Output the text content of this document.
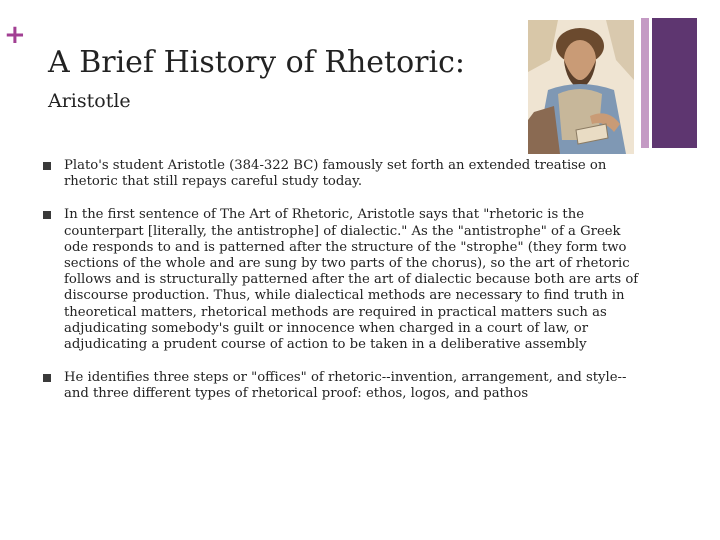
+
A Brief History of Rhetoric:
Aristotle
Plato's student Aristotle (384-322 BC) famously set forth an extended treatise on rhetoric that still repays careful study today.
In the first sentence of The Art of Rhetoric, Aristotle says that "rhetoric is the counterpart [literally, the antistrophe] of dialectic." As the "antistrophe" of a Greek ode responds to and is patterned after the structure of the "strophe" (they form two sections of the whole and are sung by two parts of the chorus), so the art of rhetoric follows and is structurally patterned after the art of dialectic because both are arts of discourse production. Thus, while dialectical methods are necessary to find truth in theoretical matters, rhetorical methods are required in practical matters such as adjudicating somebody's guilt or innocence when charged in a court of law, or adjudicating a prudent course of action to be taken in a deliberative assembly
He identifies three steps or "offices" of rhetoric--invention, arrangement, and style--and three different types of rhetorical proof: ethos, logos, and pathos
